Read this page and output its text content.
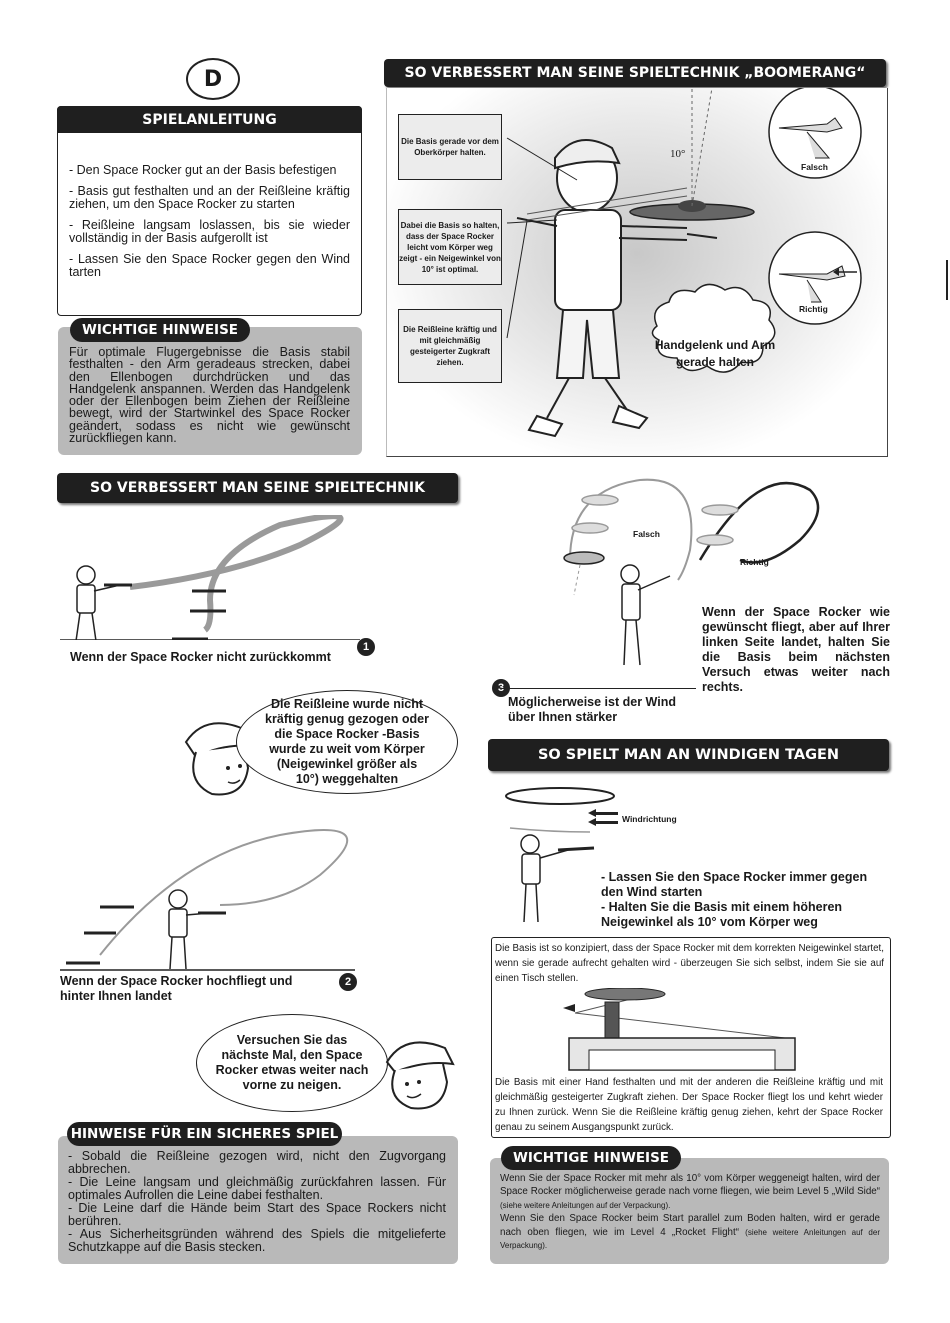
D
SPIELANLEITUNG

- Den Space Rocker gut an der Basis befestigen

- Basis gut festhalten und an der Reißleine kräftig ziehen, um den Space Rocker zu starten

- Reißleine langsam loslassen, bis sie wieder vollständig in der Basis aufgerollt ist

- Lassen Sie den Space Rocker gegen den Wind tarten

WICHTIGE HINWEISE
Für optimale Flugergebnisse die Basis stabil festhalten - den Arm geradeaus strecken, dabei den Ellenbogen durchdrücken und das Handgelenk anspannen. Werden das Handgelenk oder der Ellenbogen beim Ziehen der Reißleine bewegt, wird der Startwinkel des Space Rocker geändert, sodass es nicht wie gewünscht zurückfliegen kann.
SO VERBESSERT MAN SEINE SPIELTECHNIK „BOOMERANG“
Die Basis gerade vor dem Oberkörper halten.
Dabei die Basis so halten, dass der Space Rocker leicht vom Körper weg zeigt - ein Neigewinkel von 10° ist optimal.
Die Reißleine kräftig und mit gleichmäßig gesteigerter Zugkraft ziehen.
10°
Falsch
Richtig
Handgelenk und Arm gerade halten
SO VERBESSERT MAN SEINE SPIELTECHNIK
1
Wenn der Space Rocker nicht zurückkommt
Die Reißleine wurde nicht kräftig genug gezogen oder die Space Rocker -Basis wurde zu weit vom Körper (Neigewinkel größer als 10°) weggehalten
2
Wenn der Space Rocker hochfliegt und hinter Ihnen landet
Versuchen Sie das nächste Mal, den Space Rocker etwas weiter nach vorne zu neigen.
Falsch
Richtig
Wenn der Space Rocker wie gewünscht fliegt, aber auf Ihrer linken Seite landet, halten Sie die Basis beim nächsten Versuch etwas weiter nach rechts.
3
Möglicherweise ist der Wind über Ihnen stärker
SO SPIELT MAN AN WINDIGEN TAGEN
Windrichtung

- Lassen Sie den Space Rocker immer gegen den Wind starten

- Halten Sie die Basis mit einem höheren Neigewinkel als 10° vom Körper weg

Die Basis ist so konzipiert, dass der Space Rocker mit dem korrekten Neigewinkel startet, wenn sie gerade aufrecht gehalten wird - überzeugen Sie sich selbst, indem Sie sie auf einen Tisch stellen.
Die Basis mit einer Hand festhalten und mit der anderen die Reißleine kräftig und mit gleichmäßig gesteigerter Zugkraft ziehen. Der Space Rocker fliegt los und kehrt wieder zu Ihnen zurück. Wenn Sie die Reißleine kräftig genug ziehen, kehrt der Space Rocker genau zu seinem Ausgangspunkt zurück.
HINWEISE FÜR EIN SICHERES SPIEL

- Sobald die Reißleine gezogen wird, nicht den Zugvorgang abbrechen.

- Die Leine langsam und gleichmäßig zurückfahren lassen. Für optimales Aufrollen die Leine dabei festhalten.

- Die Leine darf die Hände beim Start des Space Rockers nicht berühren.

- Aus Sicherheitsgründen während des Spiels die mitgelieferte Schutzkappe auf die Basis stecken.

WICHTIGE HINWEISE

Wenn Sie der Space Rocker mit mehr als 10° vom Körper weggeneigt halten, wird der Space Rocker möglicherweise gerade nach vorne fliegen, wie beim Level 5 „Wild Side“ (siehe weitere Anleitungen auf der Verpackung).

Wenn Sie den Space Rocker beim Start parallel zum Boden halten, wird er gerade nach oben fliegen, wie im Level 4 „Rocket Flight“ (siehe weitere Anleitungen auf der Verpackung).
